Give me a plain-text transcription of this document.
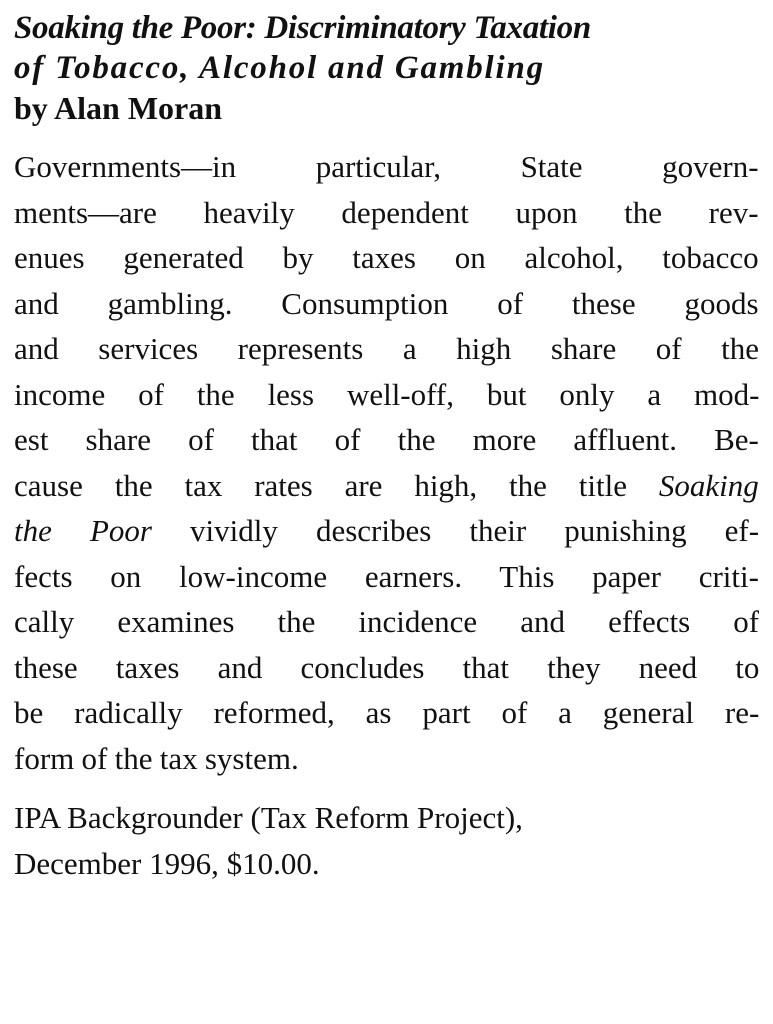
Soaking the Poor: Discriminatory Taxation
of Tobacco, Alcohol and Gambling

by Alan Moran

Governments—in particular, State govern-
ments—are heavily dependent upon the rev-
enues generated by taxes on alcohol, tobacco
and gambling. Consumption of these goods
and services represents a high share of the
income of the less well-off, but only a mod-
est share of that of the more affluent. Be-
cause the tax rates are high, the title Soaking
the Poor vividly describes their punishing ef-
fects on low-income earners. This paper criti-
cally examines the incidence and effects of
these taxes and concludes that they need to
be radically reformed, as part of a general re-
form of the tax system.
IPA Backgrounder (Tax Reform Project),
December 1996, $10.00.
